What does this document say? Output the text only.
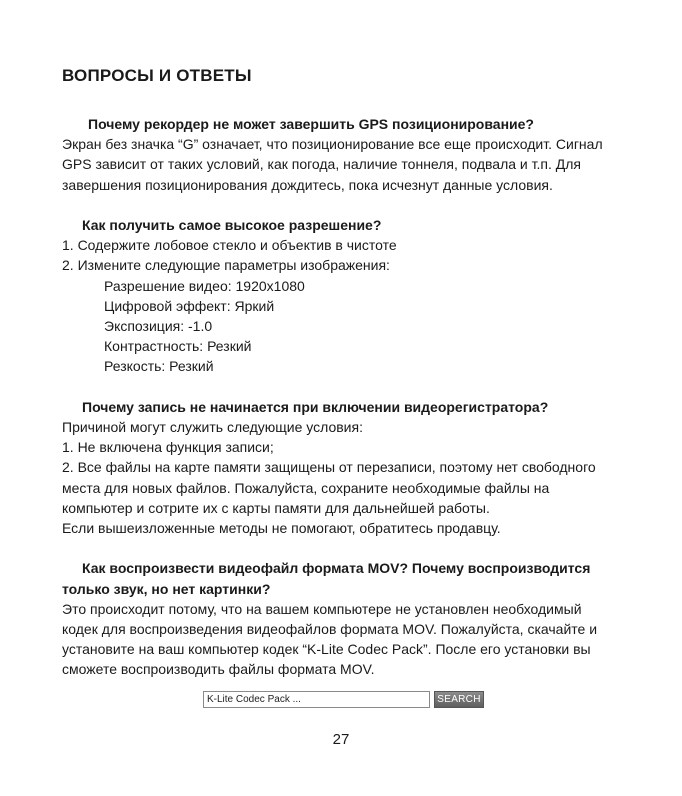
ВОПРОСЫ И ОТВЕТЫ

Почему рекордер не может завершить GPS позиционирование?

Экран без значка “G” означает, что позиционирование все еще происходит. Сигнал

GPS зависит от таких условий, как погода, наличие тоннеля, подвала и т.п. Для

завершения позиционирования дождитесь, пока исчезнут данные условия.

Как получить самое высокое разрешение?

1. Содержите лобовое стекло и объектив в чистоте

2. Измените следующие параметры изображения:

Разрешение видео: 1920x1080

Цифровой эффект: Яркий

Экспозиция: -1.0

Контрастность: Резкий

Резкость: Резкий

Почему запись не начинается при включении видеорегистратора?

Причиной могут служить следующие условия:

1. Не включена функция записи;

2. Все файлы на карте памяти защищены от перезаписи, поэтому нет свободного

места для новых файлов. Пожалуйста, сохраните необходимые файлы на

компьютер и сотрите их с карты памяти для дальнейшей работы.

Если вышеизложенные методы не помогают, обратитесь продавцу.

Как воспроизвести видеофайл формата MOV? Почему воспроизводится

только звук, но нет картинки?

Это происходит потому, что на вашем компьютере не установлен необходимый

кодек для воспроизведения видеофайлов формата MOV. Пожалуйста, скачайте и

установите на ваш компьютер кодек “K-Lite Codec Pack”. После его установки вы

сможете воспроизводить файлы формата MOV.

K-Lite Codec Pack ...
SEARCH
27
